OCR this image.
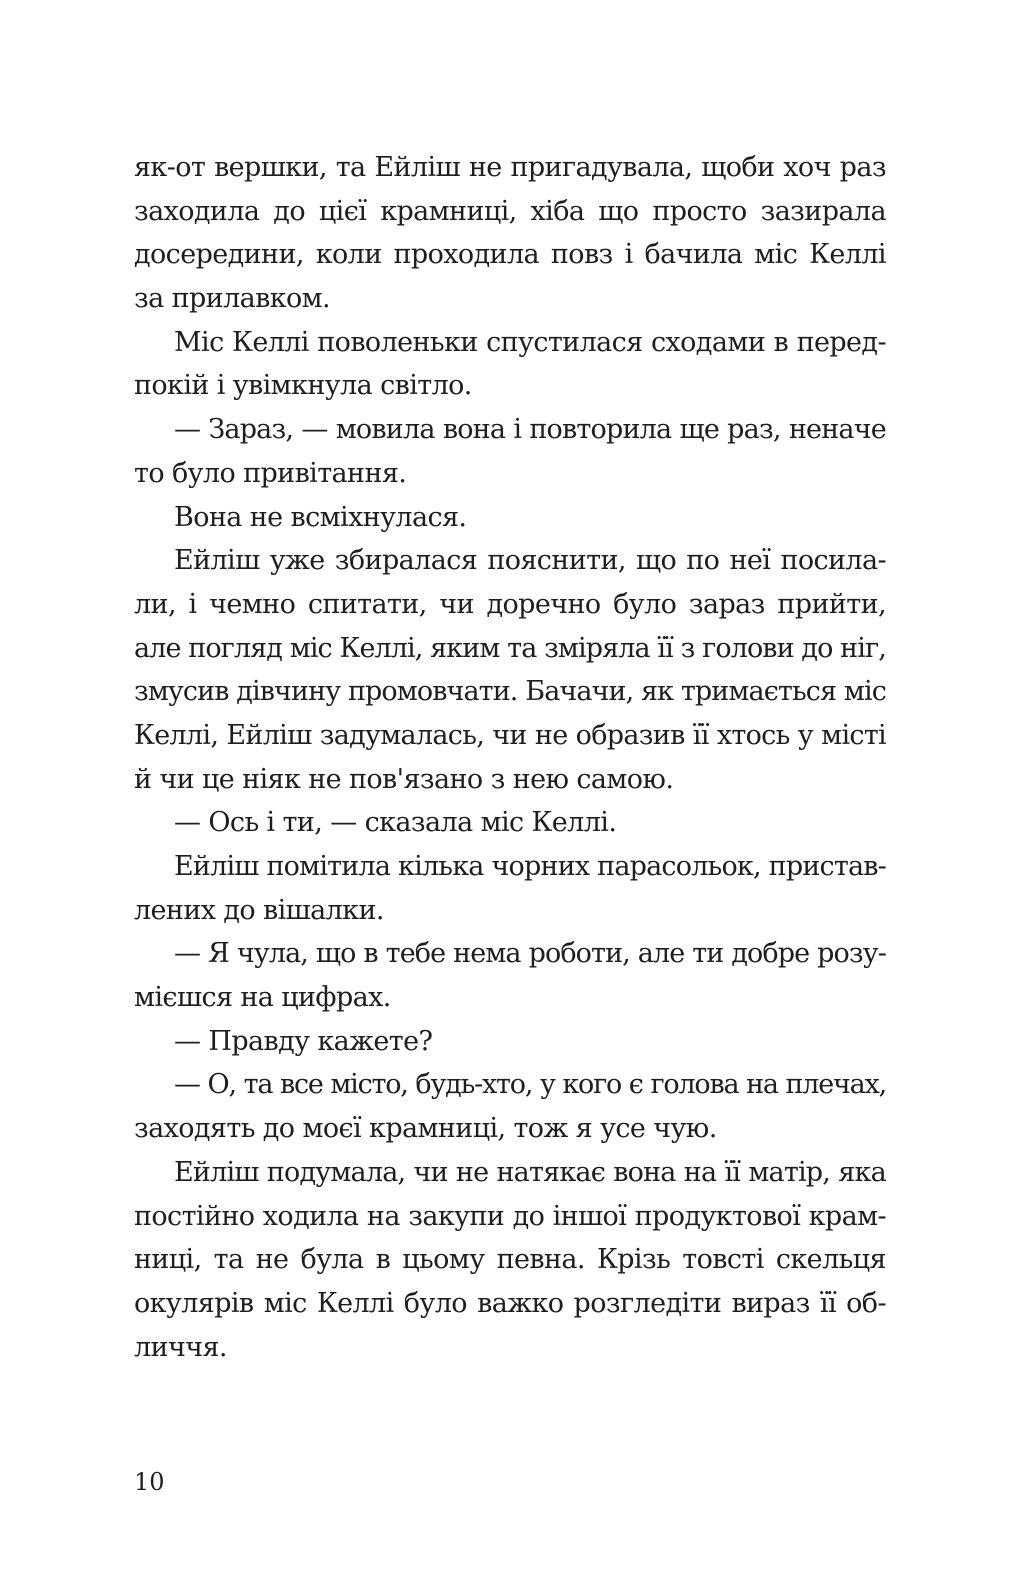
як-от вершки, та Ейліш не пригадувала, щоби хоч раз
заходила до цієї крамниці, хіба що просто зазирала
досередини, коли проходила повз і бачила міс Келлі
за прилавком.
Міс Келлі поволеньки спустилася сходами в перед-
покій і увімкнула світло.
— Зараз, — мовила вона і повторила ще раз, неначе
то було привітання.
Вона не всміхнулася.
Ейліш уже збиралася пояснити, що по неї посила-
ли, і чемно спитати, чи доречно було зараз прийти,
але погляд міс Келлі, яким та зміряла її з голови до ніг,
змусив дівчину промовчати. Бачачи, як тримається міс
Келлі, Ейліш задумалась, чи не образив її хтось у місті
й чи це ніяк не пов'язано з нею самою.
— Ось і ти, — сказала міс Келлі.
Ейліш помітила кілька чорних парасольок, пристав-
лених до вішалки.
— Я чула, що в тебе нема роботи, але ти добре розу-
мієшся на цифрах.
— Правду кажете?
— О, та все місто, будь-хто, у кого є голова на плечах,
заходять до моєї крамниці, тож я усе чую.
Ейліш подумала, чи не натякає вона на її матір, яка
постійно ходила на закупи до іншої продуктової крам-
ниці, та не була в цьому певна. Крізь товсті скельця
окулярів міс Келлі було важко розгледіти вираз її об-
личчя.
10
